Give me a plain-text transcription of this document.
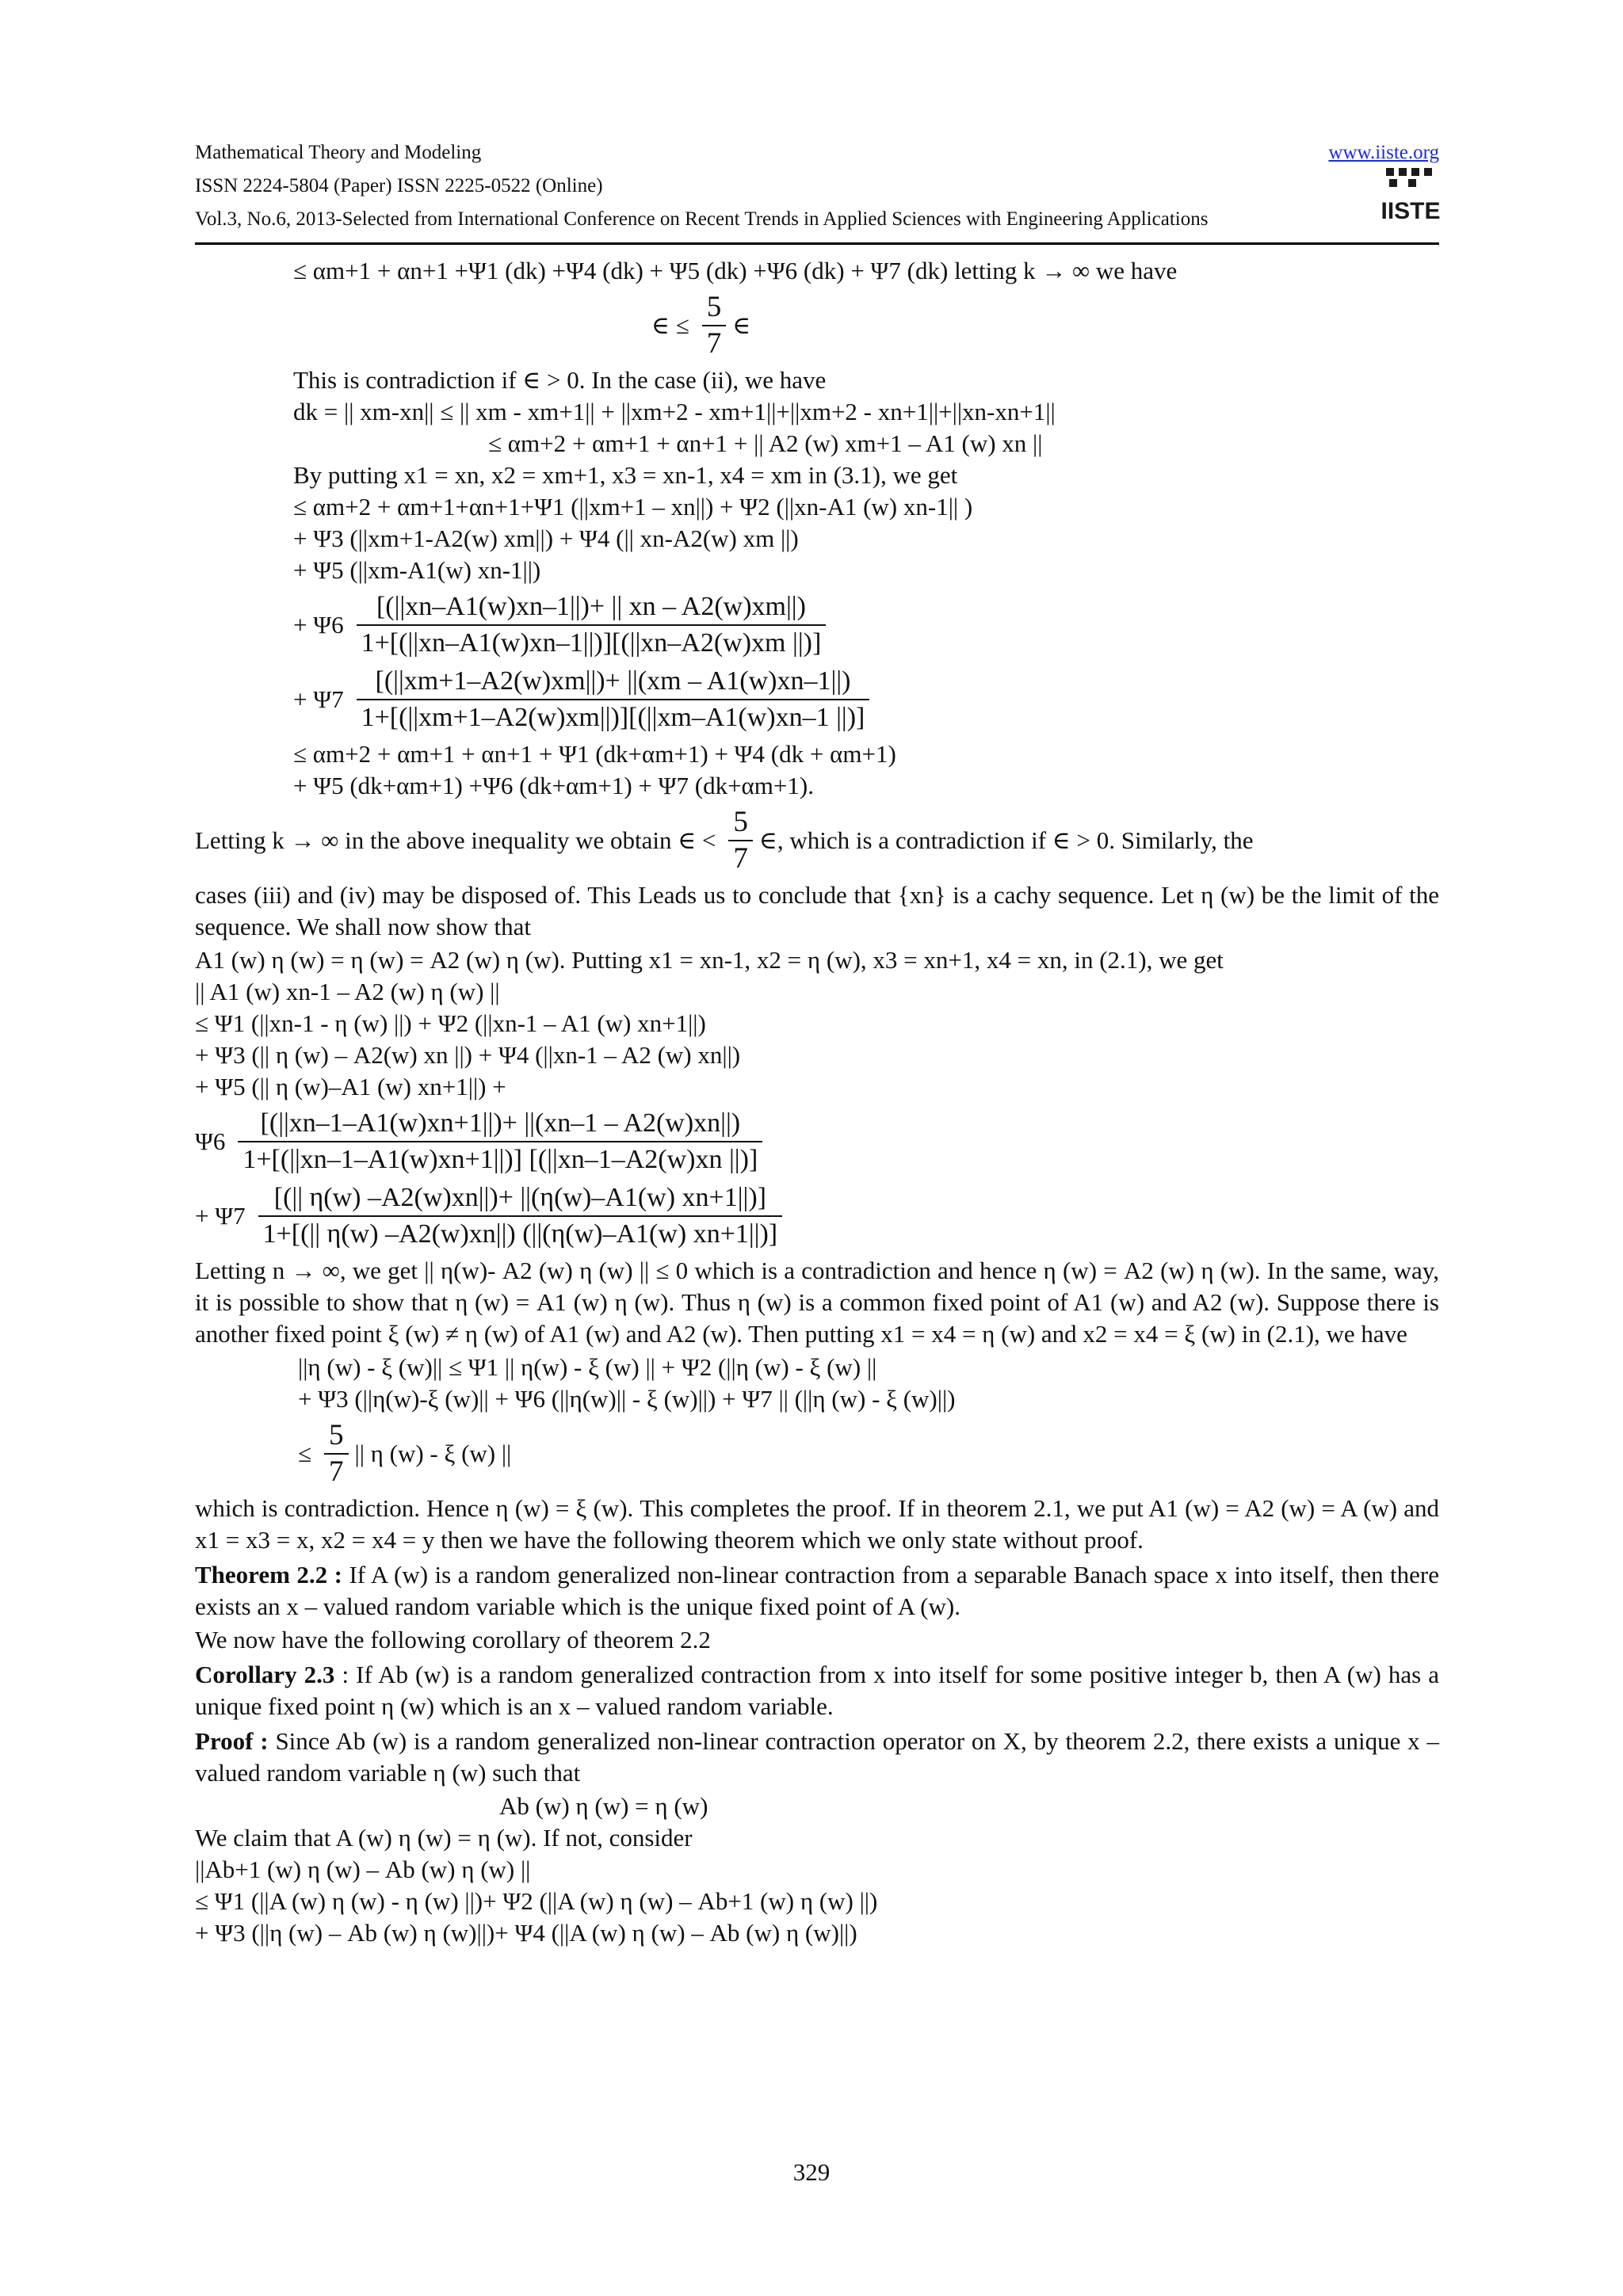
Mathematical Theory and Modeling	www.iiste.org
ISSN 2224-5804 (Paper) ISSN 2225-0522 (Online)
Vol.3, No.6, 2013-Selected from International Conference on Recent Trends in Applied Sciences with Engineering Applications	IISTE
≤ αm+1 + αn+1 +Ψ1 (dk) +Ψ4 (dk) + Ψ5 (dk) +Ψ6 (dk) + Ψ7 (dk) letting k → ∞ we have
∈ ≤ $\frac{5}{7}$ ∈
This is contradiction if ∈ > 0. In the case (ii), we have
dk = || xm-xn|| ≤ || xm - xm+1|| + ||xm+2 - xm+1||+||xm+2 - xn+1||+||xn-xn+1||
≤ αm+2 + αm+1 + αn+1 + || A2 (w) xm+1 – A1 (w) xn ||
By putting x1 = xn, x2 = xm+1, x3 = xn-1, x4 = xm in (3.1), we get
≤ αm+2 + αm+1+αn+1+Ψ1 (||xm+1 – xn||) + Ψ2 (||xn-A1 (w) xn-1|| )
+ Ψ3 (||xm+1-A2(w) xm||) + Ψ4 (|| xn-A2(w) xm ||)
+ Ψ5 (||xm-A1(w) xn-1||)
+ $\Psi 6 \frac{[(||xn-A1(w)xn-1||)+ || xn - A2(w)xm||)}{1+[(||xn-A1(w)xn-1||)][(||xn-A2(w)xm ||)]}$
+ $\Psi 7 \frac{[(||xm+1-A2(w)xm||)+ ||(xm - A1(w)xn-1||)}{1+[(||xm+1-A2(w)xm||)][(||xm-A1(w)xn-1 ||)]}$
≤ αm+2 + αm+1 + αn+1 + Ψ1 (dk+αm+1) + Ψ4 (dk + αm+1)
+ Ψ5 (dk+αm+1) +Ψ6 (dk+αm+1) + Ψ7 (dk+αm+1).
Letting k → ∞ in the above inequality we obtain ∈ < $\frac{5}{7}$ ∈, which is a contradiction if ∈ > 0. Similarly, the
cases (iii) and (iv) may be disposed of. This Leads us to conclude that {xn} is a cachy sequence. Let η (w) be the limit of the sequence. We shall now show that
A1 (w) η (w) = η (w) = A2 (w) η (w). Putting x1 = xn-1, x2 = η (w), x3 = xn+1, x4 = xn, in (2.1), we get
|| A1 (w) xn-1 – A2 (w) η (w) ||
≤ Ψ1 (||xn-1 - η (w) ||) + Ψ2 (||xn-1 – A1 (w) xn+1||)
+ Ψ3 (|| η (w) – A2(w) xn ||) + Ψ4 (||xn-1 – A2 (w) xn||)
+ Ψ5 (|| η (w)–A1 (w) xn+1||) +
$\Psi 6 \frac{[(||xn-1-A1(w)xn+1||)+ ||(xn-1 - A2(w)xn||)}{1+[(||xn-1-A1(w)xn+1||)] [(||xn-1-A2(w)xn ||)]}$
+ $\Psi 7 \frac{[(|| \eta(w) -A2(w)xn||)+ ||(\eta(w)-A1(w) xn+1||)]}{1+[(|| \eta(w) -A2(w)xn||) (||(\eta(w)-A1(w) xn+1||)]}$
Letting n → ∞, we get || η(w)- A2 (w) η (w) || ≤ 0 which is a contradiction and hence η (w) = A2 (w) η (w). In the same, way, it is possible to show that η (w) = A1 (w) η (w). Thus η (w) is a common fixed point of A1 (w) and A2 (w). Suppose there is another fixed point ξ (w) ≠ η (w) of A1 (w) and A2 (w). Then putting x1 = x4 = η (w) and x2 = x4 = ξ (w) in (2.1), we have
||η (w) - ξ (w)|| ≤ Ψ1 || η(w) - ξ (w) || + Ψ2 (||η (w) - ξ (w) ||
+ Ψ3 (||η(w)-ξ (w)|| + Ψ6 (||η(w)|| - ξ (w)||) + Ψ7 || (||η (w) - ξ (w)||)
≤ $\frac{5}{7}$ || η (w) - ξ (w) ||
which is contradiction. Hence η (w) = ξ (w). This completes the proof. If in theorem 2.1, we put A1 (w) = A2 (w) = A (w) and x1 = x3 = x, x2 = x4 = y then we have the following theorem which we only state without proof.
Theorem 2.2 : If A (w) is a random generalized non-linear contraction from a separable Banach space x into itself, then there exists an x – valued random variable which is the unique fixed point of A (w).
We now have the following corollary of theorem 2.2
Corollary 2.3 : If Ab (w) is a random generalized contraction from x into itself for some positive integer b, then A (w) has a unique fixed point η (w) which is an x – valued random variable.
Proof : Since Ab (w) is a random generalized non-linear contraction operator on X, by theorem 2.2, there exists a unique x – valued random variable η (w) such that
Ab (w) η (w) = η (w)
We claim that A (w) η (w) = η (w). If not, consider
||Ab+1 (w) η (w) – Ab (w) η (w) ||
≤ Ψ1 (||A (w) η (w) - η (w) ||)+ Ψ2 (||A (w) η (w) – Ab+1 (w) η (w) ||)
+ Ψ3 (||η (w) – Ab (w) η (w)||)+ Ψ4 (||A (w) η (w) – Ab (w) η (w)||)
329
